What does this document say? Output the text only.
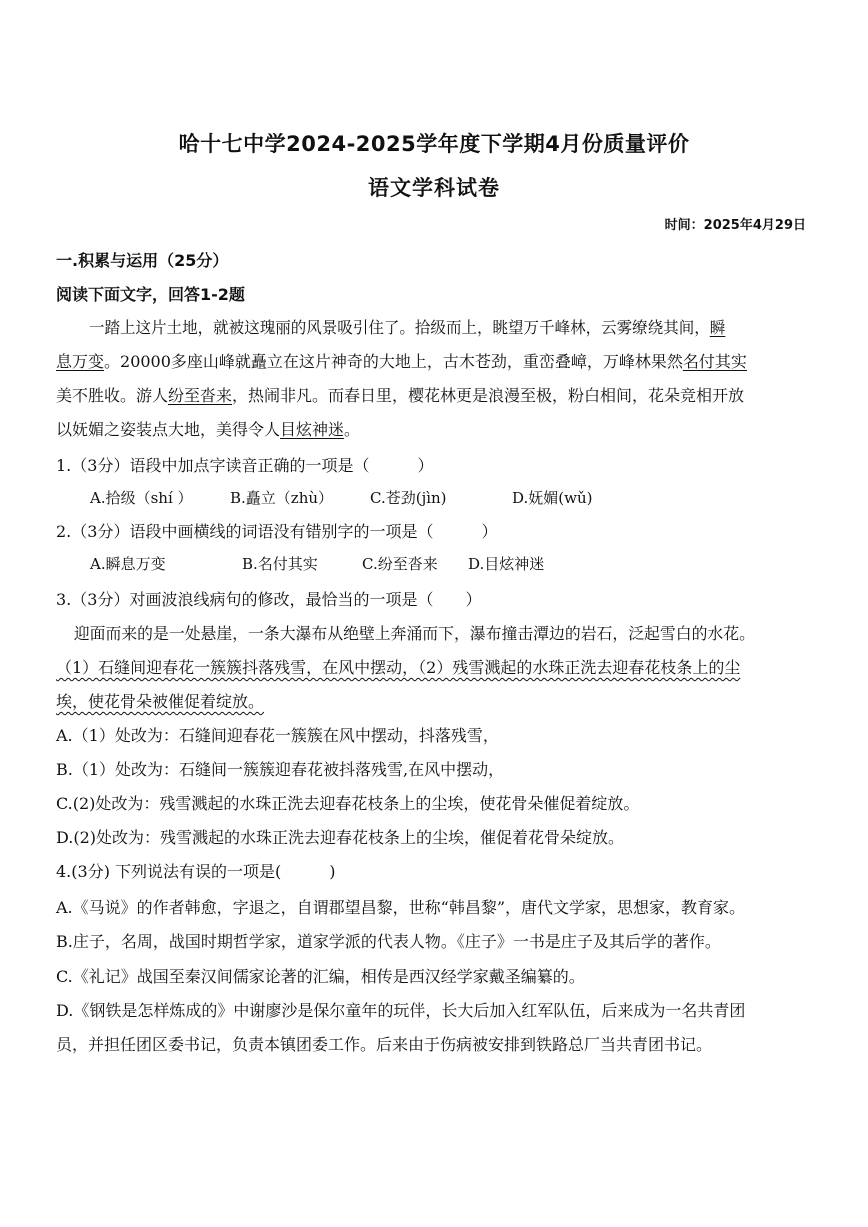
哈十七中学2024-2025学年度下学期4月份质量评价
语文学科试卷
时间：2025年4月29日
一.积累与运用（25分）
阅读下面文字，回答1-2题
一踏上这片土地，就被这瑰丽的风景吸引住了。拾级而上，眺望万千峰林，云雾缭绕其间，瞬
息万变。20000多座山峰就矗立在这片神奇的大地上，古木苍劲，重峦叠嶂，万峰林果然名付其实
美不胜收。游人纷至沓来，热闹非凡。而春日里，樱花林更是浪漫至极，粉白相间，花朵竞相开放
以妩媚之姿装点大地，美得令人目炫神迷。
1.（3分）语段中加点字读音正确的一项是（　　　）
A.拾级（shí ） B.矗立（zhù） C.苍劲(jìn)	D.妩媚(wǔ)
2.（3分）语段中画横线的词语没有错别字的一项是（　　　）
A.瞬息万变	B.名付其实	C.纷至沓来 D.目炫神迷
3.（3分）对画波浪线病句的修改，最恰当的一项是（　　）
迎面而来的是一处悬崖，一条大瀑布从绝壁上奔涌而下，瀑布撞击潭边的岩石，泛起雪白的水花。
（1）石缝间迎春花一簇簇抖落残雪，在风中摆动，（2）残雪溅起的水珠正洗去迎春花枝条上的尘
埃，使花骨朵被催促着绽放。
A.（1）处改为：石缝间迎春花一簇簇在风中摆动，抖落残雪，
B.（1）处改为：石缝间一簇簇迎春花被抖落残雪,在风中摆动，
C.(2)处改为：残雪溅起的水珠正洗去迎春花枝条上的尘埃，使花骨朵催促着绽放。
D.(2)处改为：残雪溅起的水珠正洗去迎春花枝条上的尘埃，催促着花骨朵绽放。
4.(3分) 下列说法有误的一项是(　　　)
A.《马说》的作者韩愈，字退之，自谓郡望昌黎，世称“韩昌黎”，唐代文学家，思想家，教育家。
B.庄子，名周，战国时期哲学家，道家学派的代表人物。《庄子》一书是庄子及其后学的著作。
C.《礼记》战国至秦汉间儒家论著的汇编，相传是西汉经学家戴圣编纂的。
D.《钢铁是怎样炼成的》中谢廖沙是保尔童年的玩伴，长大后加入红军队伍，后来成为一名共青团
员，并担任团区委书记，负责本镇团委工作。后来由于伤病被安排到铁路总厂当共青团书记。
